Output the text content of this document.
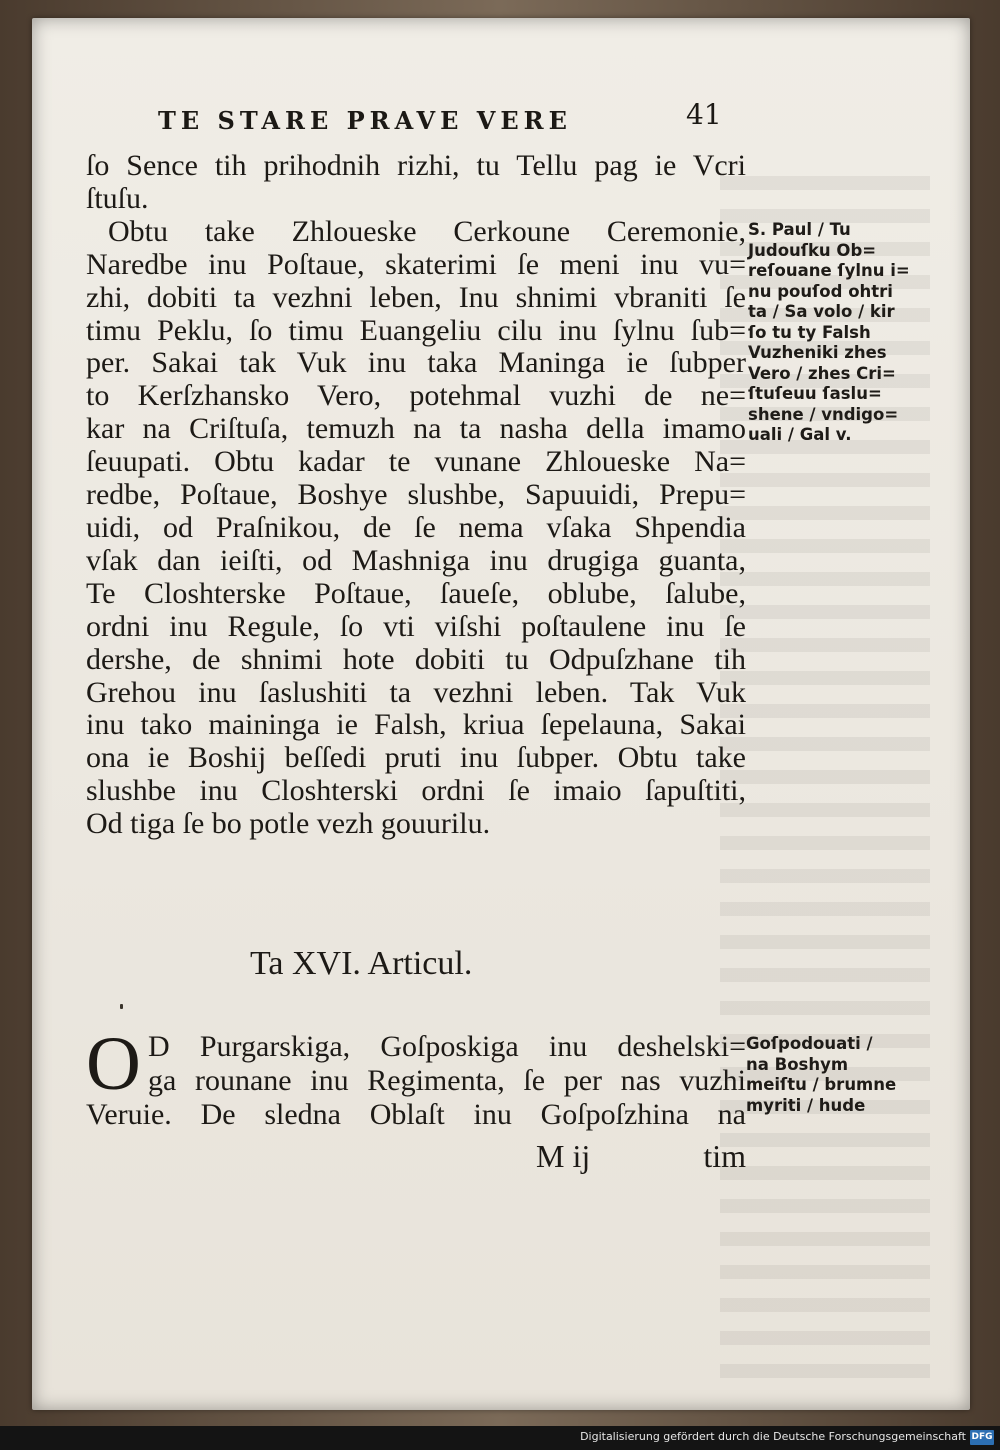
TE STARE PRAVE VERE	41
ſo Sence tih prihodnih rizhi, tu Tellu pag ie Vcri
ſtuſu.
Obtu take Zhloueske Cerkoune Ceremonie,
Naredbe inu Poſtaue, skaterimi ſe meni inu vu=
zhi, dobiti ta vezhni leben, Inu shnimi vbraniti ſe
timu Peklu, ſo timu Euangeliu cilu inu ſylnu ſub=
per. Sakai tak Vuk inu taka Maninga ie ſubper
to Kerſzhansko Vero, potehmal vuzhi de ne=
kar na Criſtuſa, temuzh na ta nasha della imamo
ſeuupati. Obtu kadar te vunane Zhloueske Na=
redbe, Poſtaue, Boshye slushbe, Sapuuidi, Prepu=
uidi, od Praſnikou, de ſe nema vſaka Shpendia
vſak dan ieiſti, od Mashniga inu drugiga guanta,
Te Closhterske Poſtaue, ſaueſe, oblube, ſalube,
ordni inu Regule, ſo vti viſshi poſtaulene inu ſe
dershe, de shnimi hote dobiti tu Odpuſzhane tih
Grehou inu ſaslushiti ta vezhni leben. Tak Vuk
inu tako maininga ie Falsh, kriua ſepelauna, Sakai
ona ie Boshij beſſedi pruti inu ſubper. Obtu take
slushbe inu Closhterski ordni ſe imaio ſapuſtiti,
Od tiga ſe bo potle vezh gouurilu.
S. Paul / Tu
Judouſku Ob=
reſouane ſylnu i=
nu pouſod ohtri
ta / Sa volo / kir
ſo tu ty Falsh
Vuzheniki zhes
Vero / zhes Cri=
ſtuſeuu ſaslu=
shene / vndigo=
uali / Gal v.
Ta XVI. Articul.
O D Purgarskiga, Goſposkiga inu deshelski=
ga rounane inu Regimenta, ſe per nas vuzhi
Veruie. De sledna Oblaſt inu Goſpoſzhina na
M ij	tim
Goſpodouati /
na Boshym
meiſtu / brumne
myriti / hude
Digitalisierung gefördert durch die Deutsche Forschungsgemeinschaft DFG
